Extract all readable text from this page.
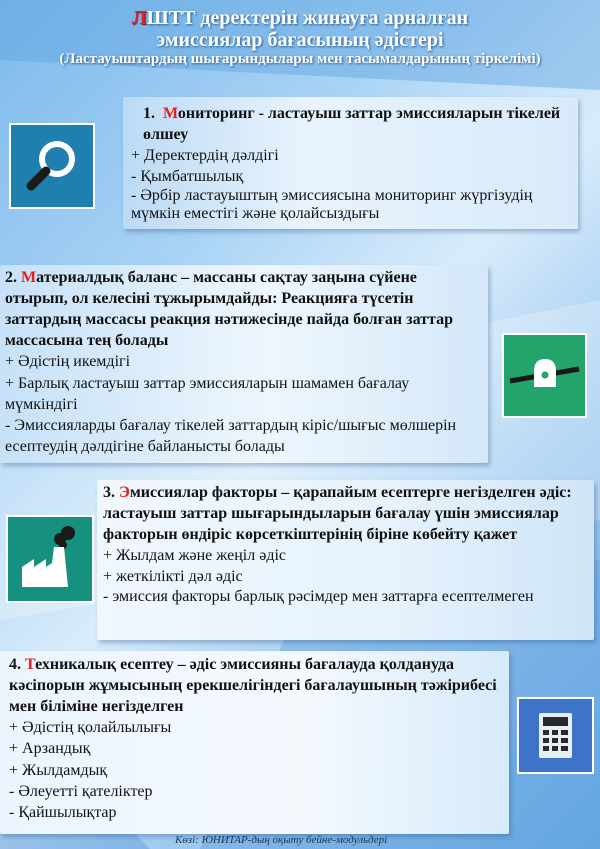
ЛШТТ деректерін жинауға арналған
эмиссиялар бағасының әдістері
(Ластауыштардың шығарындылары мен тасымалдарының тіркелімі)
1. Мониторинг - ластауыш заттар эмиссияларын тікелей өлшеу
+ Деректердің дәлдігі
- Қымбатшылық
- Әрбір ластауыштың эмиссиясына мониторинг жүргізудің мүмкін еместігі және қолайсыздығы
2. Материалдық баланс – массаны сақтау заңына сүйене отырып, ол келесіні тұжырымдайды: Реакцияға түсетін заттардың массасы реакция нәтижесінде пайда болған заттар массасына тең болады
+ Әдістің икемдігі
+ Барлық ластауыш заттар эмиссияларын шамамен бағалау мүмкіндігі
- Эмиссияларды бағалау тікелей заттардың кіріс/шығыс мөлшерін есептеудің дәлдігіне байланысты болады
3. Эмиссиялар факторы – қарапайым есептерге негізделген әдіс: ластауыш заттар шығарындыларын бағалау үшін эмиссиялар факторын өндіріс көрсеткіштерінің біріне көбейту қажет
+ Жылдам және жеңіл әдіс
+ жеткілікті дәл әдіс
- эмиссия факторы барлық рәсімдер мен заттарға есептелмеген
4. Техникалық есептеу – әдіс эмиссияны бағалауда қолдануда кәсіпорын жұмысының ерекшелігіндегі бағалаушының тәжірибесі мен біліміне негізделген
+ Әдістің қолайлылығы
+ Арзандық
+ Жылдамдық
- Әлеуетті қателіктер
- Қайшылықтар
Көзі: ЮНИТАР-дың оқыту бейне-модульдері
